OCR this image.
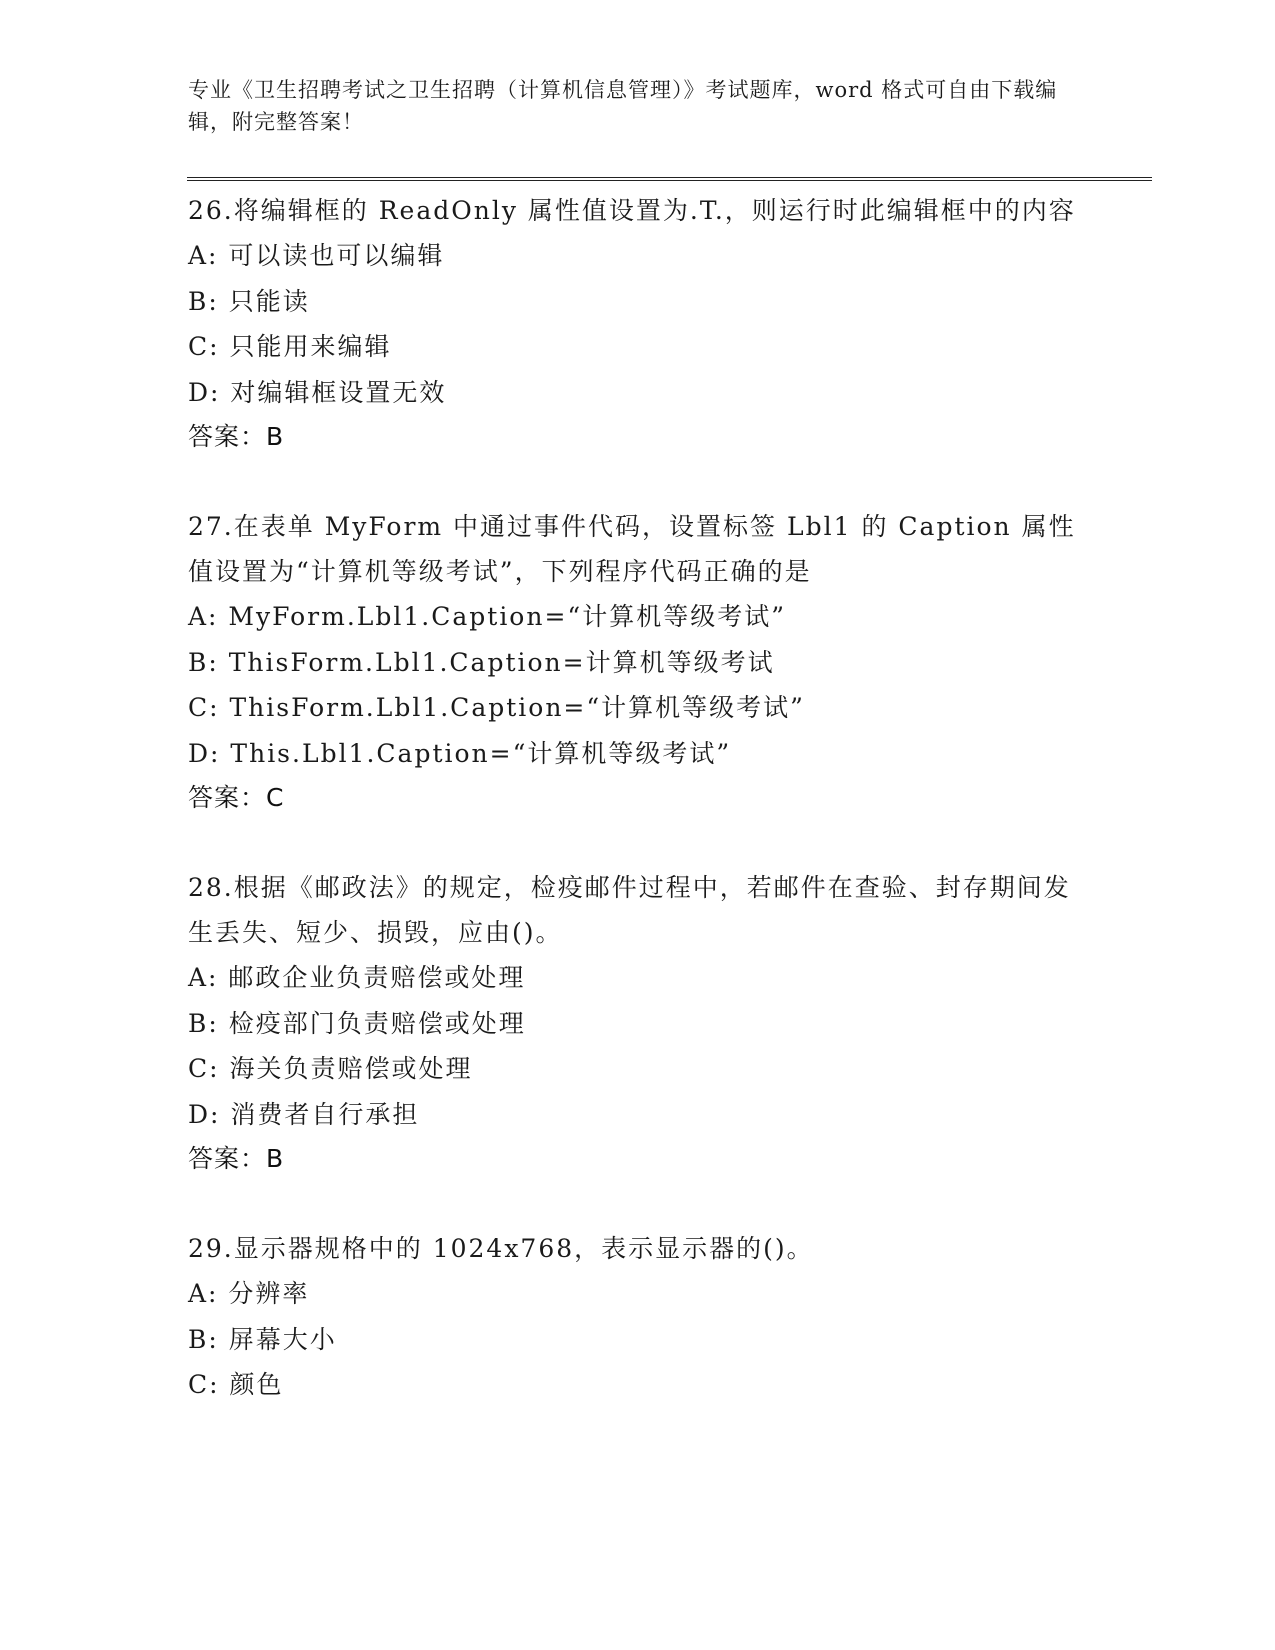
专业《卫生招聘考试之卫生招聘（计算机信息管理）》考试题库，word 格式可自由下载编辑，附完整答案！

26.将编辑框的 ReadOnly 属性值设置为.T.，则运行时此编辑框中的内容

A: 可以读也可以编辑

B: 只能读

C: 只能用来编辑

D: 对编辑框设置无效

答案：B

27.在表单 MyForm 中通过事件代码，设置标签 Lbl1 的 Caption 属性值设置为“计算机等级考试”，下列程序代码正确的是

A: MyForm.Lbl1.Caption=“计算机等级考试”

B: ThisForm.Lbl1.Caption=计算机等级考试

C: ThisForm.Lbl1.Caption=“计算机等级考试”

D: This.Lbl1.Caption=“计算机等级考试”

答案：C

28.根据《邮政法》的规定，检疫邮件过程中，若邮件在查验、封存期间发生丢失、短少、损毁，应由()。

A: 邮政企业负责赔偿或处理

B: 检疫部门负责赔偿或处理

C: 海关负责赔偿或处理

D: 消费者自行承担

答案：B

29.显示器规格中的 1024x768，表示显示器的()。

A: 分辨率

B: 屏幕大小

C: 颜色
